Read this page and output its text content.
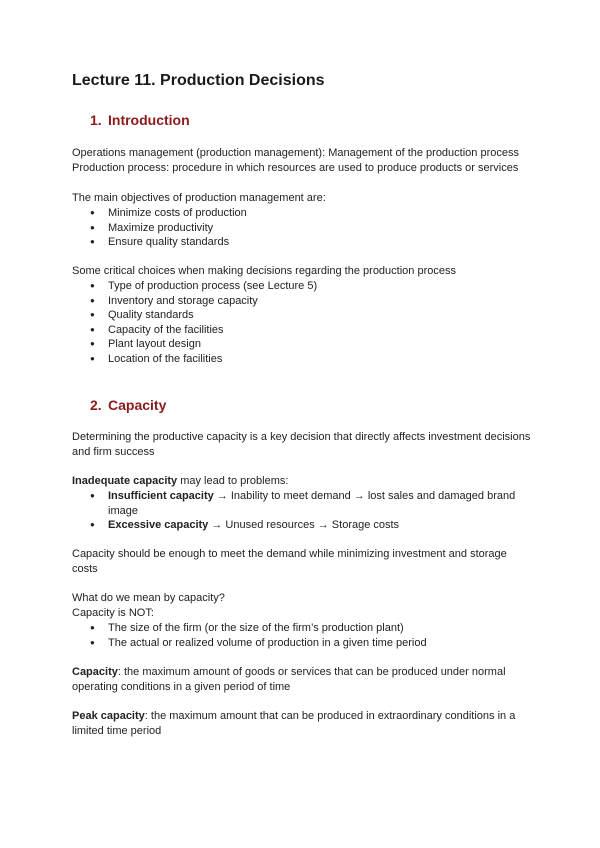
Lecture 11. Production Decisions
1. Introduction

Operations management (production management): Management of the production process
Production process: procedure in which resources are used to produce products or services

The main objectives of production management are:

● Minimize costs of production
● Maximize productivity
● Ensure quality standards

Some critical choices when making decisions regarding the production process

● Type of production process (see Lecture 5)
● Inventory and storage capacity
● Quality standards
● Capacity of the facilities
● Plant layout design
● Location of the facilities
2. Capacity

Determining the productive capacity is a key decision that directly affects investment decisions and firm success

Inadequate capacity may lead to problems:

● Insufficient capacity → Inability to meet demand → lost sales and damaged brand image
● Excessive capacity → Unused resources → Storage costs

Capacity should be enough to meet the demand while minimizing investment and storage costs

What do we mean by capacity?
Capacity is NOT:

● The size of the firm (or the size of the firm’s production plant)
● The actual or realized volume of production in a given time period

Capacity: the maximum amount of goods or services that can be produced under normal operating conditions in a given period of time

Peak capacity: the maximum amount that can be produced in extraordinary conditions in a limited time period
